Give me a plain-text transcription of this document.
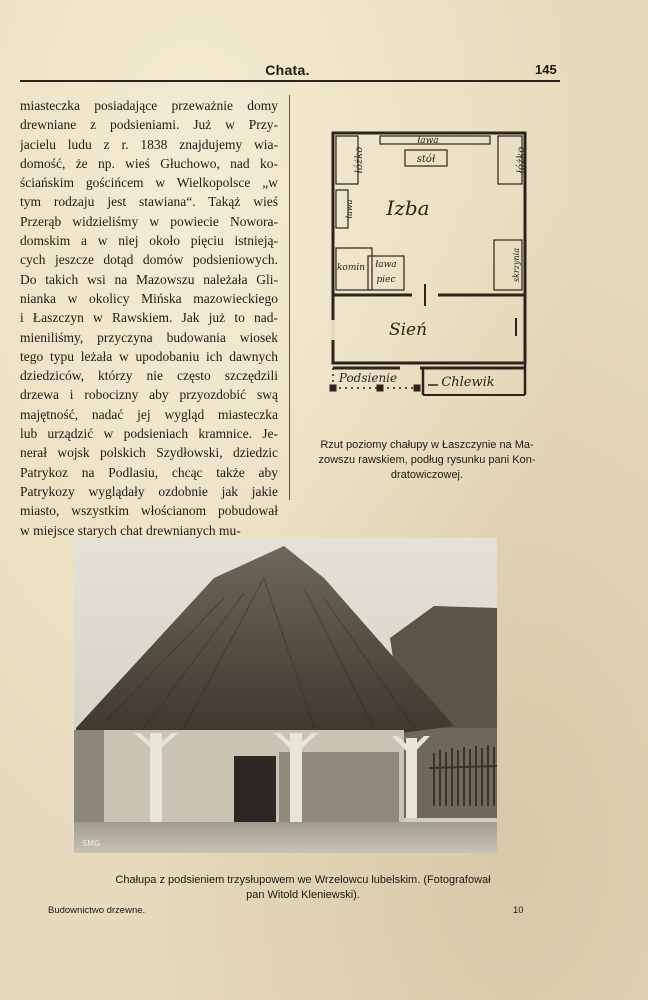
Chata.	145
miasteczka posiadające przeważnie domy
drewniane z podsieniami. Już w Przy-
jacielu ludu z r. 1838 znajdujemy wia-
domość, że np. wieś Głuchowo, nad ko-
ściańskim gościńcem w Wielkopolsce „w
tym rodzaju jest stawiana“. Takąż wieś
Przerąb widzieliśmy w powiecie Nowora-
domskim a w niej około pięciu istnieją-
cych jeszcze dotąd domów podsieniowych.
Do takich wsi na Mazowszu należała Gli-
nianka w okolicy Mińska mazowieckiego
i Łaszczyn w Rawskiem. Jak już to nad-
mieniliśmy, przyczyna budowania wiosek
tego typu leżała w upodobaniu ich dawnych
dziedziców, którzy nie często szczędzili
drzewa i robocizny aby przyozdobić swą
majętność, nadać jej wygląd miasteczka
lub urządzić w podsieniach kramnice. Je-
nerał wojsk polskich Szydłowski, dziedzic
Patrykoz na Podlasiu, chcąc także aby
Patrykozy wyglądały ozdobnie jak jakie
miasto, wszystkim włościanom pobudował
w miejsce starych chat drewnianych mu-
ława
stół
łóżko	łóżko
ława Izba
komin ława
piec	skrzynia
Sień
Podsienie	Chlewik
Rzut poziomy chałupy w Łaszczynie na Ma-
zowszu rawskiem, podług rysunku pani Kon-
dratowiczowej.
SMG
Chałupa z podsieniem trzysłupowem we Wrzelowcu lubelskim. (Fotografował
pan Witold Kleniewski).
Budownictwo drzewne.	10
